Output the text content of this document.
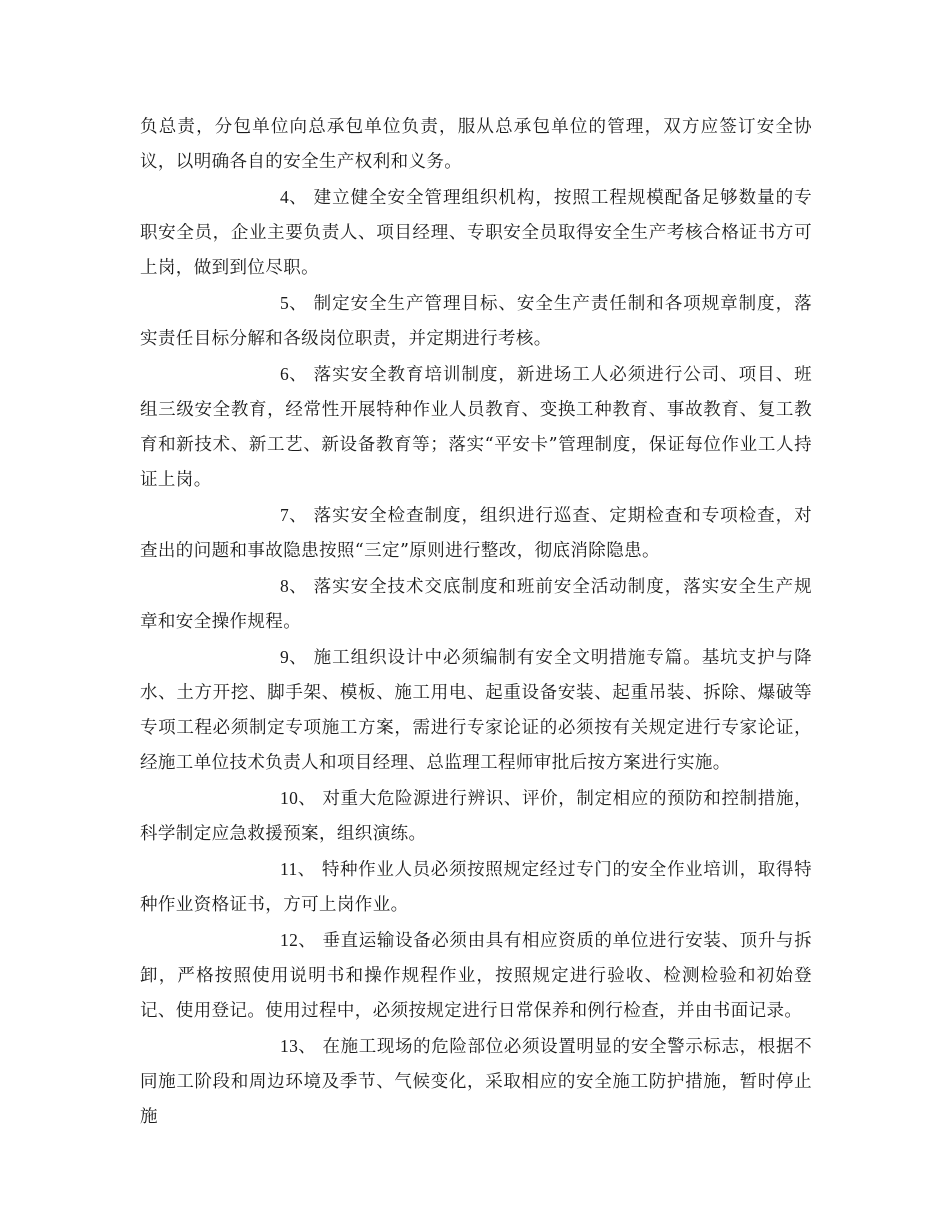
负总责，分包单位向总承包单位负责，服从总承包单位的管理，双方应签订安全协议，以明确各自的安全生产权利和义务。

4、 建立健全安全管理组织机构，按照工程规模配备足够数量的专职安全员，企业主要负责人、项目经理、专职安全员取得安全生产考核合格证书方可上岗，做到到位尽职。

5、 制定安全生产管理目标、安全生产责任制和各项规章制度，落实责任目标分解和各级岗位职责，并定期进行考核。

6、 落实安全教育培训制度，新进场工人必须进行公司、项目、班组三级安全教育，经常性开展特种作业人员教育、变换工种教育、事故教育、复工教育和新技术、新工艺、新设备教育等；落实“平安卡”管理制度，保证每位作业工人持证上岗。

7、 落实安全检查制度，组织进行巡查、定期检查和专项检查，对查出的问题和事故隐患按照“三定”原则进行整改，彻底消除隐患。

8、 落实安全技术交底制度和班前安全活动制度，落实安全生产规章和安全操作规程。

9、 施工组织设计中必须编制有安全文明措施专篇。基坑支护与降水、土方开挖、脚手架、模板、施工用电、起重设备安装、起重吊装、拆除、爆破等专项工程必须制定专项施工方案，需进行专家论证的必须按有关规定进行专家论证，经施工单位技术负责人和项目经理、总监理工程师审批后按方案进行实施。

10、 对重大危险源进行辨识、评价，制定相应的预防和控制措施，科学制定应急救援预案，组织演练。

11、 特种作业人员必须按照规定经过专门的安全作业培训，取得特种作业资格证书，方可上岗作业。

12、 垂直运输设备必须由具有相应资质的单位进行安装、顶升与拆卸，严格按照使用说明书和操作规程作业，按照规定进行验收、检测检验和初始登记、使用登记。使用过程中，必须按规定进行日常保养和例行检查，并由书面记录。

13、 在施工现场的危险部位必须设置明显的安全警示标志，根据不同施工阶段和周边环境及季节、气候变化，采取相应的安全施工防护措施，暂时停止施
